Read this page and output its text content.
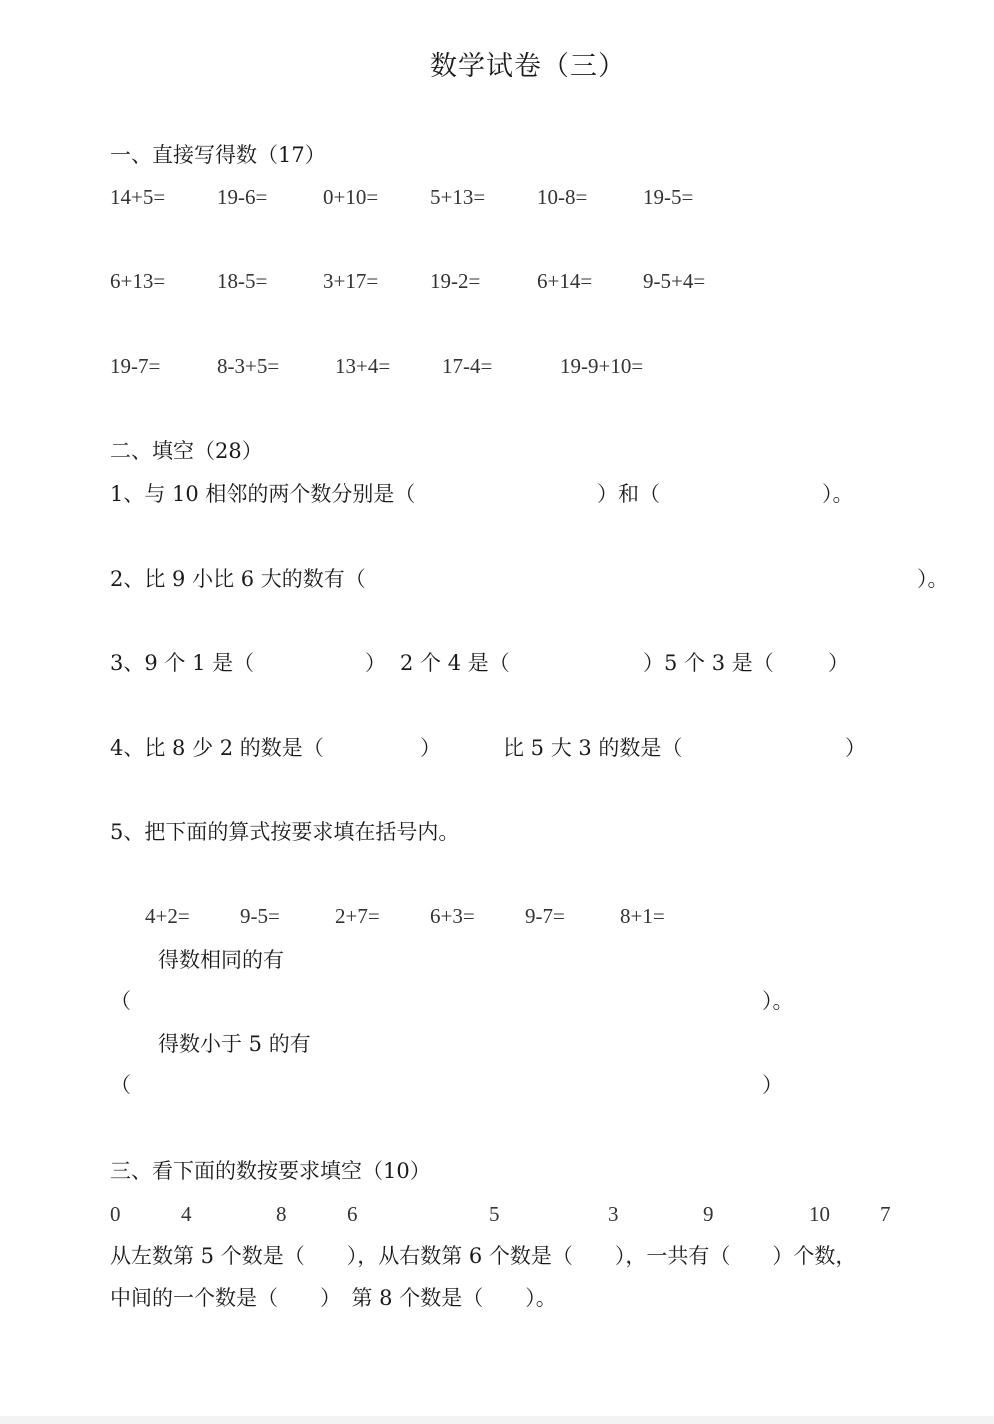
数学试卷（三）
一、直接写得数（17）
14+5= 19-6=	0+10= 5+13= 10-8=	19-5=
6+13= 18-5=	3+17= 19-2=	6+14= 9-5+4=
19-7=	8-3+5=	13+4= 17-4=	19-9+10=
二、填空（28）
1、与 10 相邻的两个数分别是（	）和（	）。
2、比 9 小比 6 大的数有（	）。
3、9 个 1 是（	） 2 个 4 是（	）5 个 3 是（	）
4、比 8 少 2 的数是（	）	比 5 大 3 的数是（	）
5、把下面的算式按要求填在括号内。
4+2= 9-5=	2+7= 6+3= 9-7=	8+1=
得数相同的有
（	）。
得数小于 5 的有
（	）
三、看下面的数按要求填空（10）
0	4	8	6	5	3	9	10 7
从左数第 5 个数是（　　），从右数第 6 个数是（　　），一共有（　　）个数，
中间的一个数是（　　）　第 8 个数是（　　）。
